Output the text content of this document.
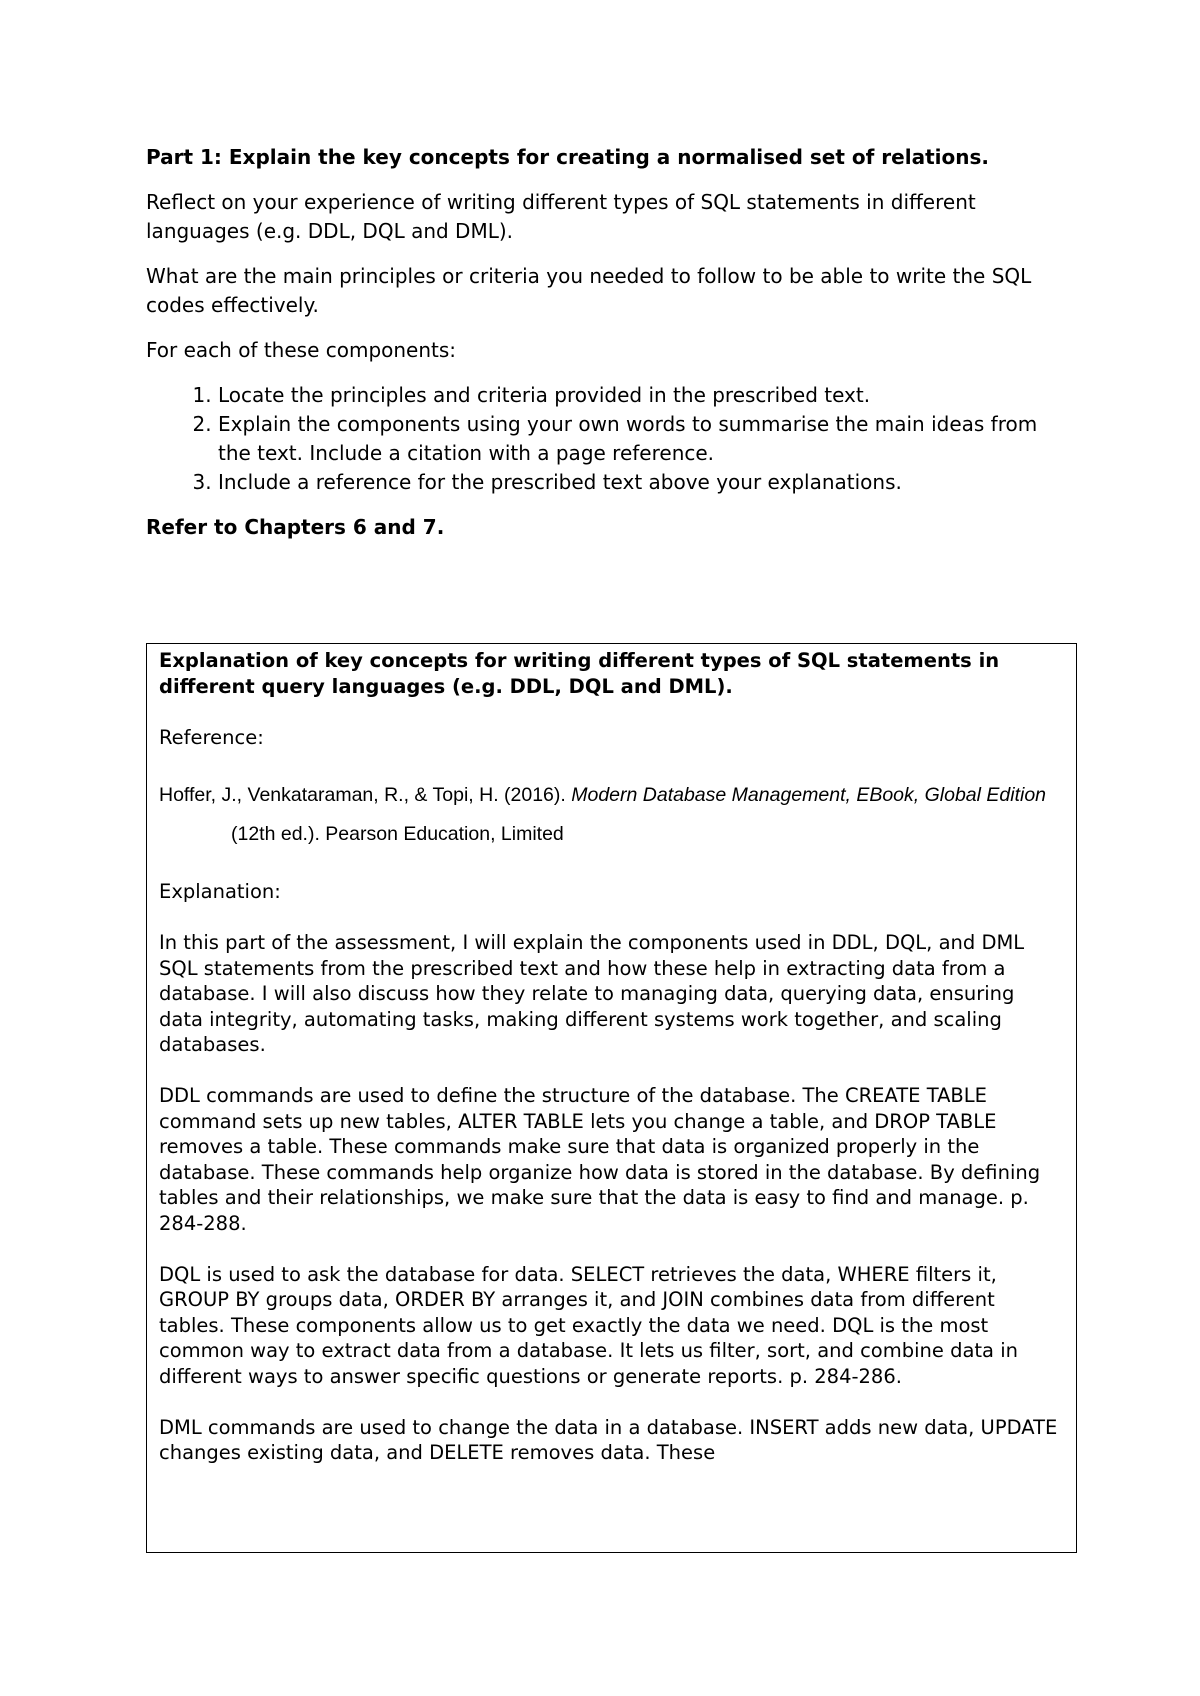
Part 1: Explain the key concepts for creating a normalised set of relations.

Reflect on your experience of writing different types of SQL statements in different languages (e.g. DDL, DQL and DML).

What are the main principles or criteria you needed to follow to be able to write the SQL codes effectively.

For each of these components:

1. Locate the principles and criteria provided in the prescribed text.
2. Explain the components using your own words to summarise the main ideas from the text. Include a citation with a page reference.
3. Include a reference for the prescribed text above your explanations.

Refer to Chapters 6 and 7.

Explanation of key concepts for writing different types of SQL statements in different query languages (e.g. DDL, DQL and DML).

Reference:

Hoffer, J., Venkataraman, R., & Topi, H. (2016). Modern Database Management, EBook, Global Edition (12th ed.). Pearson Education, Limited

Explanation:

In this part of the assessment, I will explain the components used in DDL, DQL, and DML SQL statements from the prescribed text and how these help in extracting data from a database. I will also discuss how they relate to managing data, querying data, ensuring data integrity, automating tasks, making different systems work together, and scaling databases.

DDL commands are used to define the structure of the database. The CREATE TABLE command sets up new tables, ALTER TABLE lets you change a table, and DROP TABLE removes a table. These commands make sure that data is organized properly in the database. These commands help organize how data is stored in the database. By defining tables and their relationships, we make sure that the data is easy to find and manage. p. 284-288.

DQL is used to ask the database for data. SELECT retrieves the data, WHERE filters it, GROUP BY groups data, ORDER BY arranges it, and JOIN combines data from different tables. These components allow us to get exactly the data we need. DQL is the most common way to extract data from a database. It lets us filter, sort, and combine data in different ways to answer specific questions or generate reports. p. 284-286.

DML commands are used to change the data in a database. INSERT adds new data, UPDATE changes existing data, and DELETE removes data. These
